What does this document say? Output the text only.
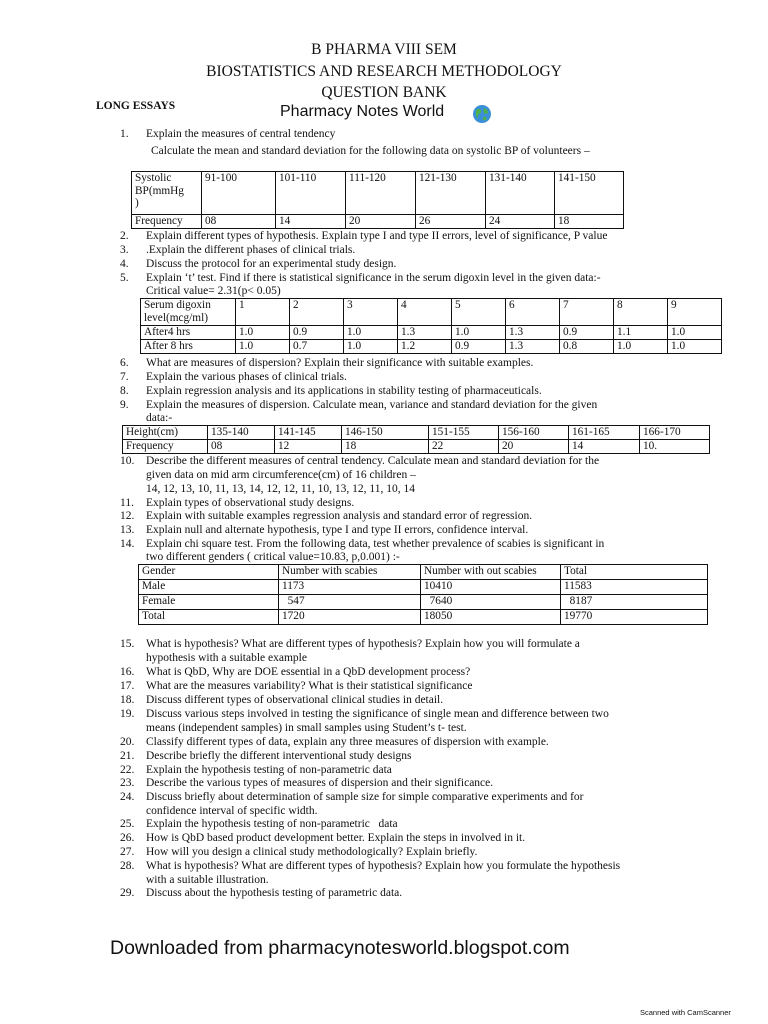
B PHARMA VIII SEM
BIOSTATISTICS AND RESEARCH METHODOLOGY
QUESTION BANK
LONG ESSAYS	Pharmacy Notes World
1. Explain the measures of central tendency
Calculate the mean and standard deviation for the following data on systolic BP of volunteers –
Systolic
BP(mmHg
)	91-100	101-110	111-120	121-130	131-140	141-150
Frequency	08	14	20	26	24	18
2. Explain different types of hypothesis. Explain type I and type II errors, level of significance, P value
3. .Explain the different phases of clinical trials.
4. Discuss the protocol for an experimental study design.
5. Explain ‘t’ test. Find if there is statistical significance in the serum digoxin level in the given data:-
Critical value= 2.31(p< 0.05)
Serum digoxin
level(mcg/ml)	1	2	3	4	5	6	7	8	9
After4 hrs	1.0	0.9	1.0	1.3	1.0	1.3	0.9	1.1	1.0
After 8 hrs	1.0	0.7	1.0	1.2	0.9	1.3	0.8	1.0	1.0
6. What are measures of dispersion? Explain their significance with suitable examples.
7. Explain the various phases of clinical trials.
8. Explain regression analysis and its applications in stability testing of pharmaceuticals.
9. Explain the measures of dispersion. Calculate mean, variance and standard deviation for the given
data:-
Height(cm)	135-140	141-145	146-150	151-155	156-160	161-165	166-170
Frequency	08	12	18	22	20	14	10.
10. Describe the different measures of central tendency. Calculate mean and standard deviation for the
given data on mid arm circumference(cm) of 16 children –
14, 12, 13, 10, 11, 13, 14, 12, 12, 11, 10, 13, 12, 11, 10, 14
11. Explain types of observational study designs.
12. Explain with suitable examples regression analysis and standard error of regression.
13. Explain null and alternate hypothesis, type I and type II errors, confidence interval.
14. Explain chi square test. From the following data, test whether prevalence of scabies is significant in
two different genders ( critical value=10.83, p,0.001) :-
Gender	Number with scabies	Number with out scabies	Total
Male	1173	10410	11583
Female	547	7640	8187
Total	1720	18050	19770
15. What is hypothesis? What are different types of hypothesis? Explain how you will formulate a
hypothesis with a suitable example
16. What is QbD, Why are DOE essential in a QbD development process?
17. What are the measures variability? What is their statistical significance
18. Discuss different types of observational clinical studies in detail.
19. Discuss various steps involved in testing the significance of single mean and difference between two
means (independent samples) in small samples using Student’s t- test.
20. Classify different types of data, explain any three measures of dispersion with example.
21. Describe briefly the different interventional study designs
22. Explain the hypothesis testing of non-parametric data
23. Describe the various types of measures of dispersion and their significance.
24. Discuss briefly about determination of sample size for simple comparative experiments and for
confidence interval of specific width.
25. Explain the hypothesis testing of non-parametric   data
26. How is QbD based product development better. Explain the steps in involved in it.
27. How will you design a clinical study methodologically? Explain briefly.
28. What is hypothesis? What are different types of hypothesis? Explain how you formulate the hypothesis
with a suitable illustration.
29. Discuss about the hypothesis testing of parametric data.
Downloaded from pharmacynotesworld.blogspot.com
Scanned with CamScanner
